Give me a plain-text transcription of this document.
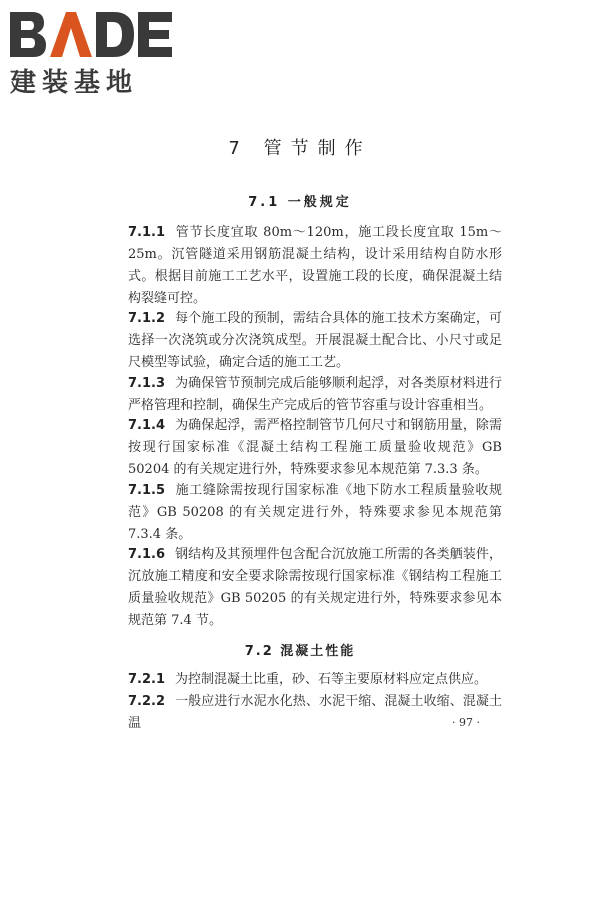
建装基地
7 管节制作
7.1 一般规定
7.1.1 管节长度宜取 80m～120m，施工段长度宜取 15m～25m。沉管隧道采用钢筋混凝土结构，设计采用结构自防水形式。根据目前施工工艺水平，设置施工段的长度，确保混凝土结构裂缝可控。
7.1.2 每个施工段的预制，需结合具体的施工技术方案确定，可选择一次浇筑或分次浇筑成型。开展混凝土配合比、小尺寸或足尺模型等试验，确定合适的施工工艺。
7.1.3 为确保管节预制完成后能够顺利起浮，对各类原材料进行严格管理和控制，确保生产完成后的管节容重与设计容重相当。
7.1.4 为确保起浮，需严格控制管节几何尺寸和钢筋用量，除需按现行国家标准《混凝土结构工程施工质量验收规范》GB 50204 的有关规定进行外，特殊要求参见本规范第 7.3.3 条。
7.1.5 施工缝除需按现行国家标准《地下防水工程质量验收规范》GB 50208 的有关规定进行外，特殊要求参见本规范第 7.3.4 条。
7.1.6 钢结构及其预埋件包含配合沉放施工所需的各类舾装件，沉放施工精度和安全要求除需按现行国家标准《钢结构工程施工质量验收规范》GB 50205 的有关规定进行外，特殊要求参见本规范第 7.4 节。
7.2 混凝土性能
7.2.1 为控制混凝土比重，砂、石等主要原材料应定点供应。
7.2.2 一般应进行水泥水化热、水泥干缩、混凝土收缩、混凝土温	· 97 ·
